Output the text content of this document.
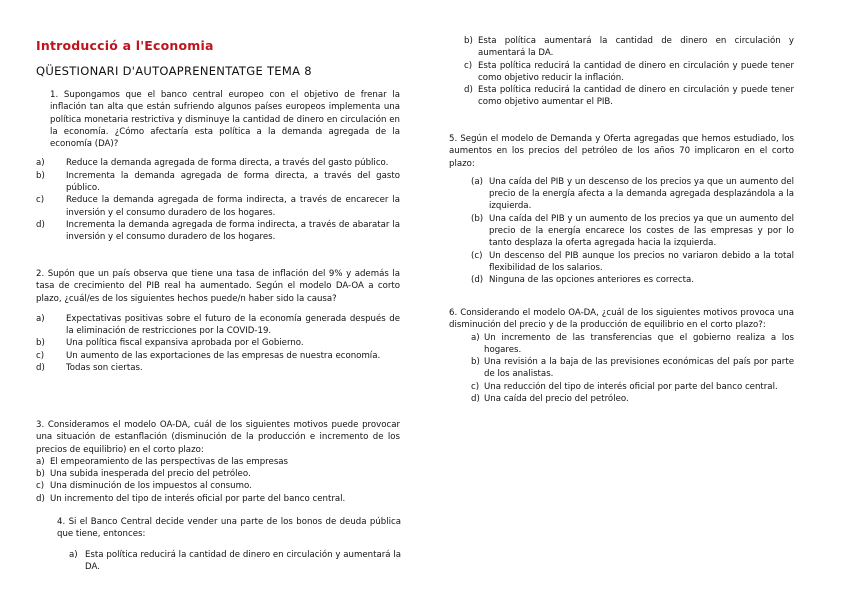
Introducció a l'Economia
QÜESTIONARI D'AUTOAPRENENTATGE TEMA 8

1. Supongamos que el banco central europeo con el objetivo de frenar la inflación tan alta que están sufriendo algunos países europeos implementa una política monetaria restrictiva y disminuye la cantidad de dinero en circulación en la economía. ¿Cómo afectaría esta política a la demanda agregada de la economía (DA)?

a)	Reduce la demanda agregada de forma directa, a través del gasto público.
b)	Incrementa la demanda agregada de forma directa, a través del gasto público.
c)	Reduce la demanda agregada de forma indirecta, a través de encarecer la inversión y el consumo duradero de los hogares.
d)	Incrementa la demanda agregada de forma indirecta, a través de abaratar la inversión y el consumo duradero de los hogares.

2. Supón que un país observa que tiene una tasa de inflación del 9% y además la tasa de crecimiento del PIB real ha aumentado. Según el modelo DA-OA a corto plazo, ¿cuál/es de los siguientes hechos puede/n haber sido la causa?

a)	Expectativas positivas sobre el futuro de la economía generada después de la eliminación de restricciones por la COVID-19.
b)	Una política fiscal expansiva aprobada por el Gobierno.
c)	Un aumento de las exportaciones de las empresas de nuestra economía.
d)	Todas son ciertas.

3. Consideramos el modelo OA-DA, cuál de los siguientes motivos puede provocar una situación de estanflación (disminución de la producción e incremento de los precios de equilibrio) en el corto plazo:

a) El empeoramiento de las perspectivas de las empresas
b) Una subida inesperada del precio del petróleo.
c) Una disminución de los impuestos al consumo.
d) Un incremento del tipo de interés oficial por parte del banco central.

4. Si el Banco Central decide vender una parte de los bonos de deuda pública que tiene, entonces:

a) Esta política reducirá la cantidad de dinero en circulación y aumentará la DA.
b) Esta política aumentará la cantidad de dinero en circulación y aumentará la DA.
c) Esta política reducirá la cantidad de dinero en circulación y puede tener como objetivo reducir la inflación.
d) Esta política reducirá la cantidad de dinero en circulación y puede tener como objetivo aumentar el PIB.

5. Según el modelo de Demanda y Oferta agregadas que hemos estudiado, los aumentos en los precios del petróleo de los años 70 implicaron en el corto plazo:

(a) Una caída del PIB y un descenso de los precios ya que un aumento del precio de la energía afecta a la demanda agregada desplazándola a la izquierda.
(b) Una caída del PIB y un aumento de los precios ya que un aumento del precio de la energía encarece los costes de las empresas y por lo tanto desplaza la oferta agregada hacia la izquierda.
(c) Un descenso del PIB aunque los precios no variaron debido a la total flexibilidad de los salarios.
(d) Ninguna de las opciones anteriores es correcta.

6. Considerando el modelo OA-DA, ¿cuál de los siguientes motivos provoca una disminución del precio y de la producción de equilibrio en el corto plazo?:

a) Un incremento de las transferencias que el gobierno realiza a los hogares.
b) Una revisión a la baja de las previsiones económicas del país por parte de los analistas.
c) Una reducción del tipo de interés oficial por parte del banco central.
d) Una caída del precio del petróleo.
